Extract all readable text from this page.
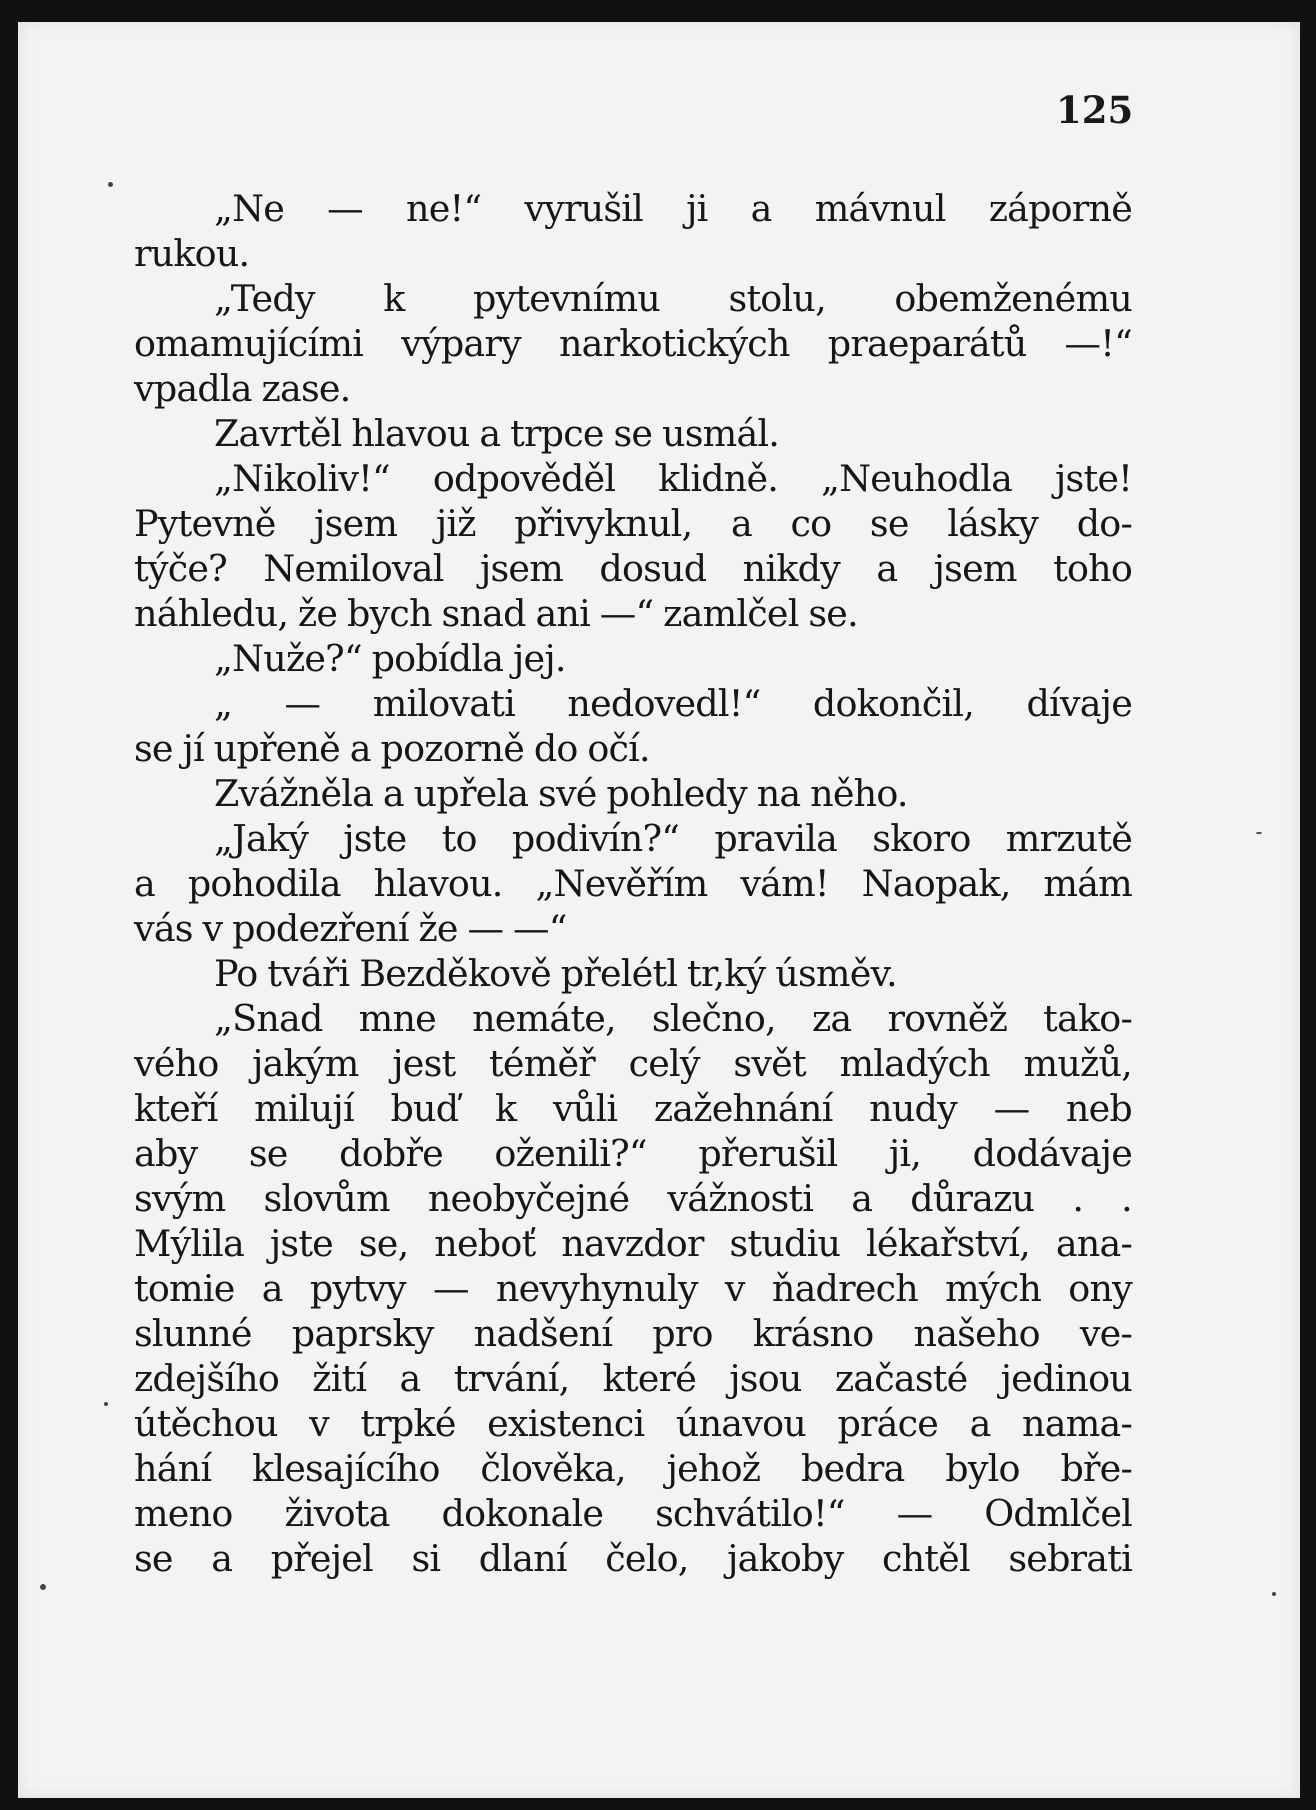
125
„Ne — ne!“ vyrušil ji a mávnul záporně
rukou.
„Tedy k pytevnímu stolu, obemženému
omamujícími výpary narkotických praeparátů —!“
vpadla zase.
Zavrtěl hlavou a trpce se usmál.
„Nikoliv!“ odpověděl klidně. „Neuhodla jste!
Pytevně jsem již přivyknul, a co se lásky do-
týče? Nemiloval jsem dosud nikdy a jsem toho
náhledu, že bych snad ani —“ zamlčel se.
„Nuže?“ pobídla jej.
„ — milovati nedovedl!“ dokončil, dívaje
se jí upřeně a pozorně do očí.
Zvážněla a upřela své pohledy na něho.
„Jaký jste to podivín?“ pravila skoro mrzutě
a pohodila hlavou. „Nevěřím vám! Naopak, mám
vás v podezření že — —“
Po tváři Bezděkově přelétl tr,ký úsměv.
„Snad mne nemáte, slečno, za rovněž tako-
vého jakým jest téměř celý svět mladých mužů,
kteří milují buď k vůli zažehnání nudy — neb
aby se dobře oženili?“ přerušil ji, dodávaje
svým slovům neobyčejné vážnosti a důrazu . .
Mýlila jste se, neboť navzdor studiu lékařství, ana-
tomie a pytvy — nevyhynuly v ňadrech mých ony
slunné paprsky nadšení pro krásno našeho ve-
zdejšího žití a trvání, které jsou začasté jedinou
útěchou v trpké existenci únavou práce a nama-
hání klesajícího člověka, jehož bedra bylo bře-
meno života dokonale schvátilo!“ — Odmlčel
se a přejel si dlaní čelo, jakoby chtěl sebrati
